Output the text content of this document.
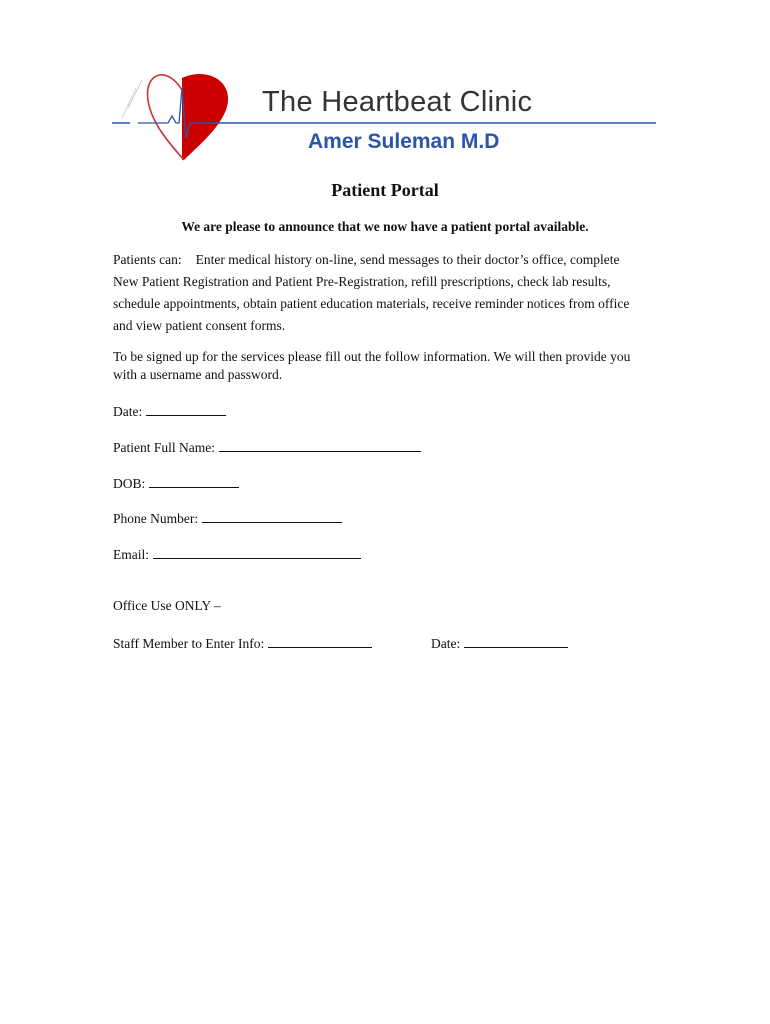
The Heartbeat Clinic
Amer Suleman M.D
Patient Portal
We are please to announce that we now have a patient portal available.

Patients can: Enter medical history on-line, send messages to their doctor’s office, complete New Patient Registration and Patient Pre-Registration, refill prescriptions, check lab results, schedule appointments, obtain patient education materials, receive reminder notices from office and view patient consent forms.

To be signed up for the services please fill out the follow information. We will then provide you with a username and password.

Date:
Patient Full Name:
DOB:
Phone Number:
Email:
Office Use ONLY –
Staff Member to Enter Info:	Date:
